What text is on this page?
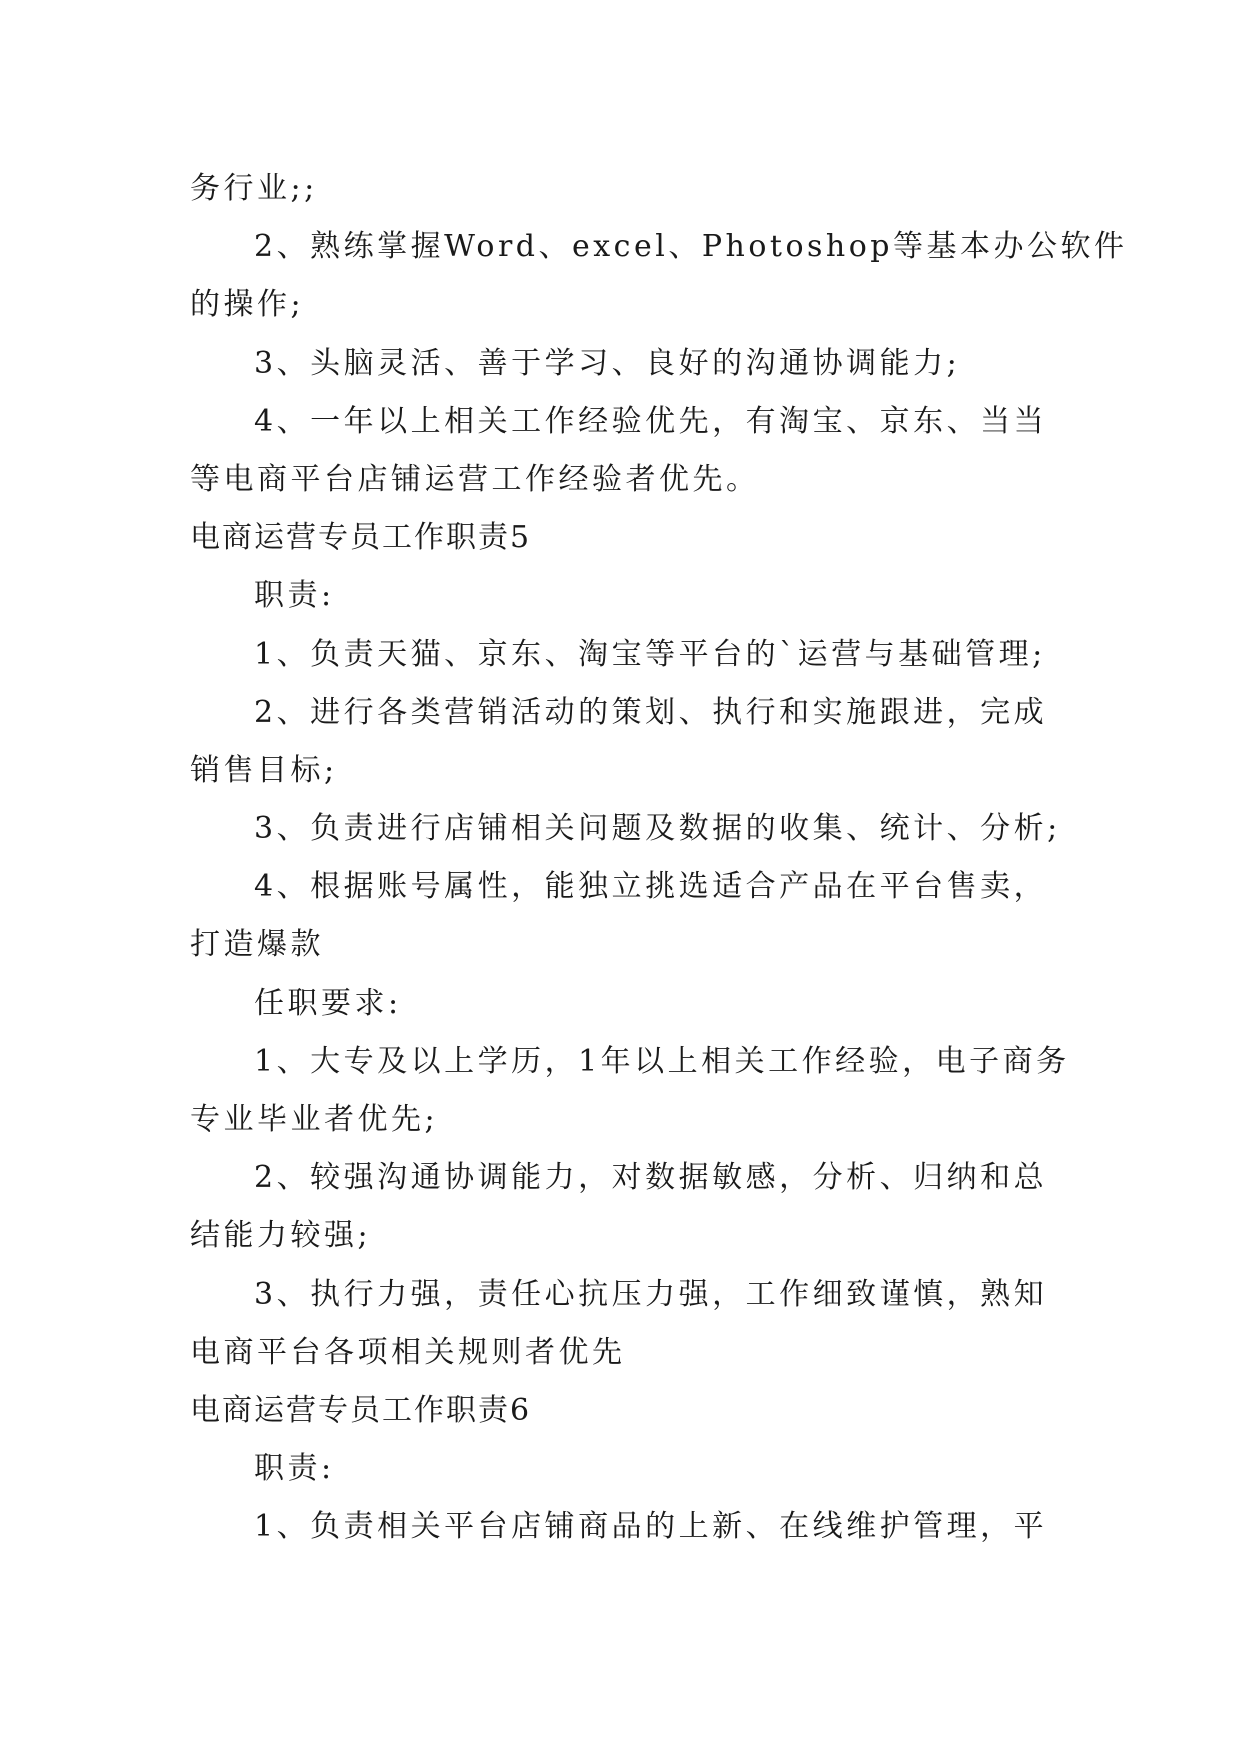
务行业;;
2、熟练掌握Word、excel、Photoshop等基本办公软件
的操作;
3、头脑灵活、善于学习、良好的沟通协调能力;
4、一年以上相关工作经验优先，有淘宝、京东、当当
等电商平台店铺运营工作经验者优先。
电商运营专员工作职责5
职责:
1、负责天猫、京东、淘宝等平台的`运营与基础管理;
2、进行各类营销活动的策划、执行和实施跟进，完成
销售目标;
3、负责进行店铺相关问题及数据的收集、统计、分析;
4、根据账号属性，能独立挑选适合产品在平台售卖，
打造爆款
任职要求:
1、大专及以上学历，1年以上相关工作经验，电子商务
专业毕业者优先;
2、较强沟通协调能力，对数据敏感，分析、归纳和总
结能力较强;
3、执行力强，责任心抗压力强，工作细致谨慎，熟知
电商平台各项相关规则者优先
电商运营专员工作职责6
职责:
1、负责相关平台店铺商品的上新、在线维护管理，平
